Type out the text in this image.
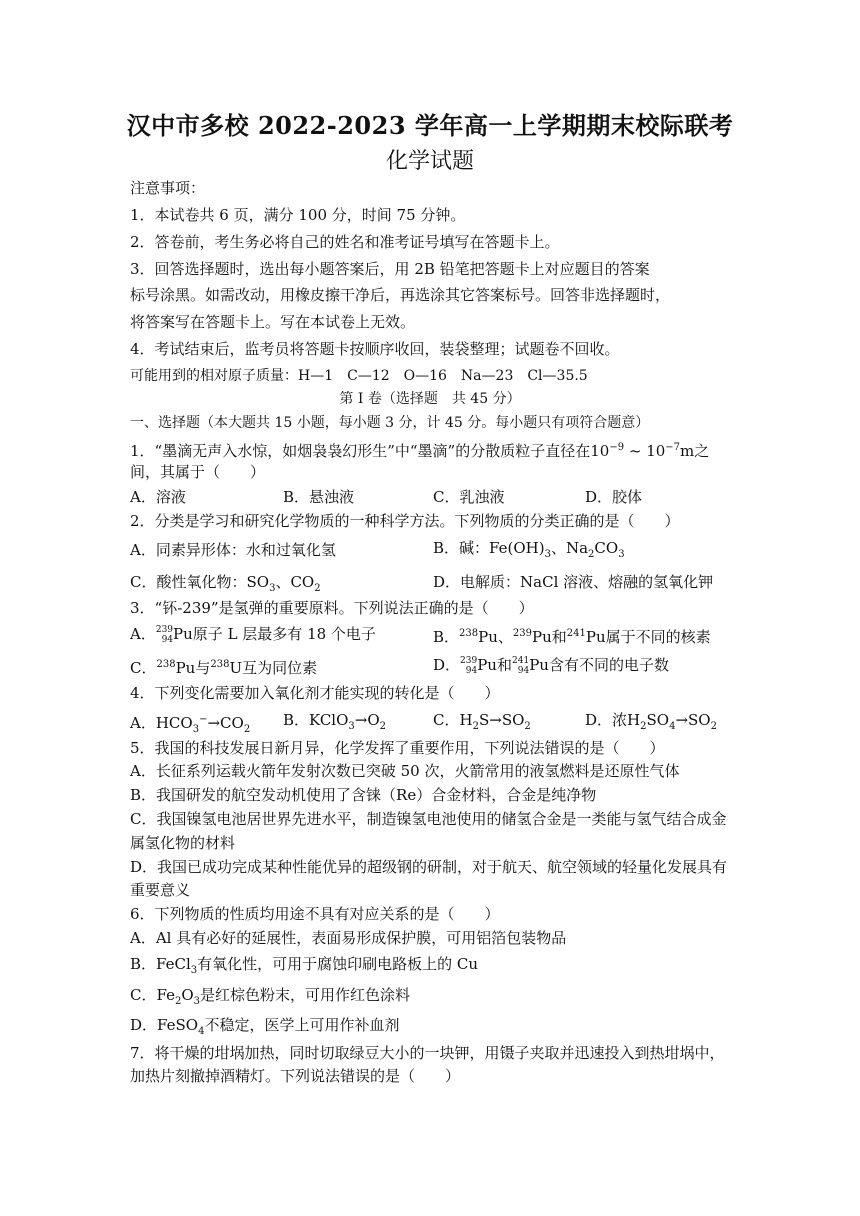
汉中市多校 2022-2023 学年高一上学期期末校际联考
化学试题
注意事项：
1．本试卷共 6 页，满分 100 分，时间 75 分钟。
2．答卷前，考生务必将自己的姓名和准考证号填写在答题卡上。
3．回答选择题时，选出每小题答案后，用 2B 铅笔把答题卡上对应题目的答案
标号涂黑。如需改动，用橡皮擦干净后，再选涂其它答案标号。回答非选择题时，
将答案写在答题卡上。写在本试卷上无效。
4．考试结束后，监考员将答题卡按顺序收回，装袋整理；试题卷不回收。
可能用到的相对原子质量：H—1　C—12　O—16　Na—23　Cl—35.5
第 I 卷（选择题　共 45 分）
一、选择题（本大题共 15 小题，每小题 3 分，计 45 分。每小题只有项符合题意）
1．“墨滴无声入水惊，如烟袅袅幻形生”中“墨滴”的分散质粒子直径在$10^{-9}$ ~ $10^{-7}m$之
间，其属于（　　）
A．溶液	B．悬浊液	C．乳浊液	D．胶体
2．分类是学习和研究化学物质的一种科学方法。下列物质的分类正确的是（　　）
A．同素异形体：水和过氧化氢	B．碱：$Fe(OH)_3$、$Na_2CO_3$
C．酸性氧化物：$SO_3$、$CO_2$	D．电解质：NaCl 溶液、熔融的氢氧化钾
3．“钚-239”是氢弹的重要原料。下列说法正确的是（　　）
A． 239
94 Pu原子 L 层最多有 18 个电子	B．$^{238}$Pu、$^{239}$Pu和$^{241}$Pu属于不同的核素
C．$^{238}$Pu与$^{238}$U互为同位素	D． 239
94 Pu和 241
94 Pu含有不同的电子数
4．下列变化需要加入氧化剂才能实现的转化是（　　）
A．$HCO_3^-\to CO_2$
B．$KClO_3\to O_2$	C．$H_2S\to SO_2$	D．浓$H_2SO_4\to SO_2$
5．我国的科技发展日新月异，化学发挥了重要作用，下列说法错误的是（　　）
A．长征系列运载火箭年发射次数已突破 50 次，火箭常用的液氢燃料是还原性气体
B．我国研发的航空发动机使用了含铼（Re）合金材料，合金是纯净物
C．我国镍氢电池居世界先进水平，制造镍氢电池使用的储氢合金是一类能与氢气结合成金
属氢化物的材料
D．我国已成功完成某种性能优异的超级钢的研制，对于航天、航空领域的轻量化发展具有
重要意义
6．下列物质的性质均用途不具有对应关系的是（　　）
A．Al 具有必好的延展性，表面易形成保护膜，可用铝箔包装物品
B．FeCl$_3$有氧化性，可用于腐蚀印刷电路板上的 Cu
C．$Fe_2O_3$是红棕色粉末，可用作红色涂料
D．FeSO$_4$不稳定，医学上可用作补血剂
7．将干燥的坩埚加热，同时切取绿豆大小的一块钾，用镊子夹取并迅速投入到热坩埚中，
加热片刻撤掉酒精灯。下列说法错误的是（　　）
